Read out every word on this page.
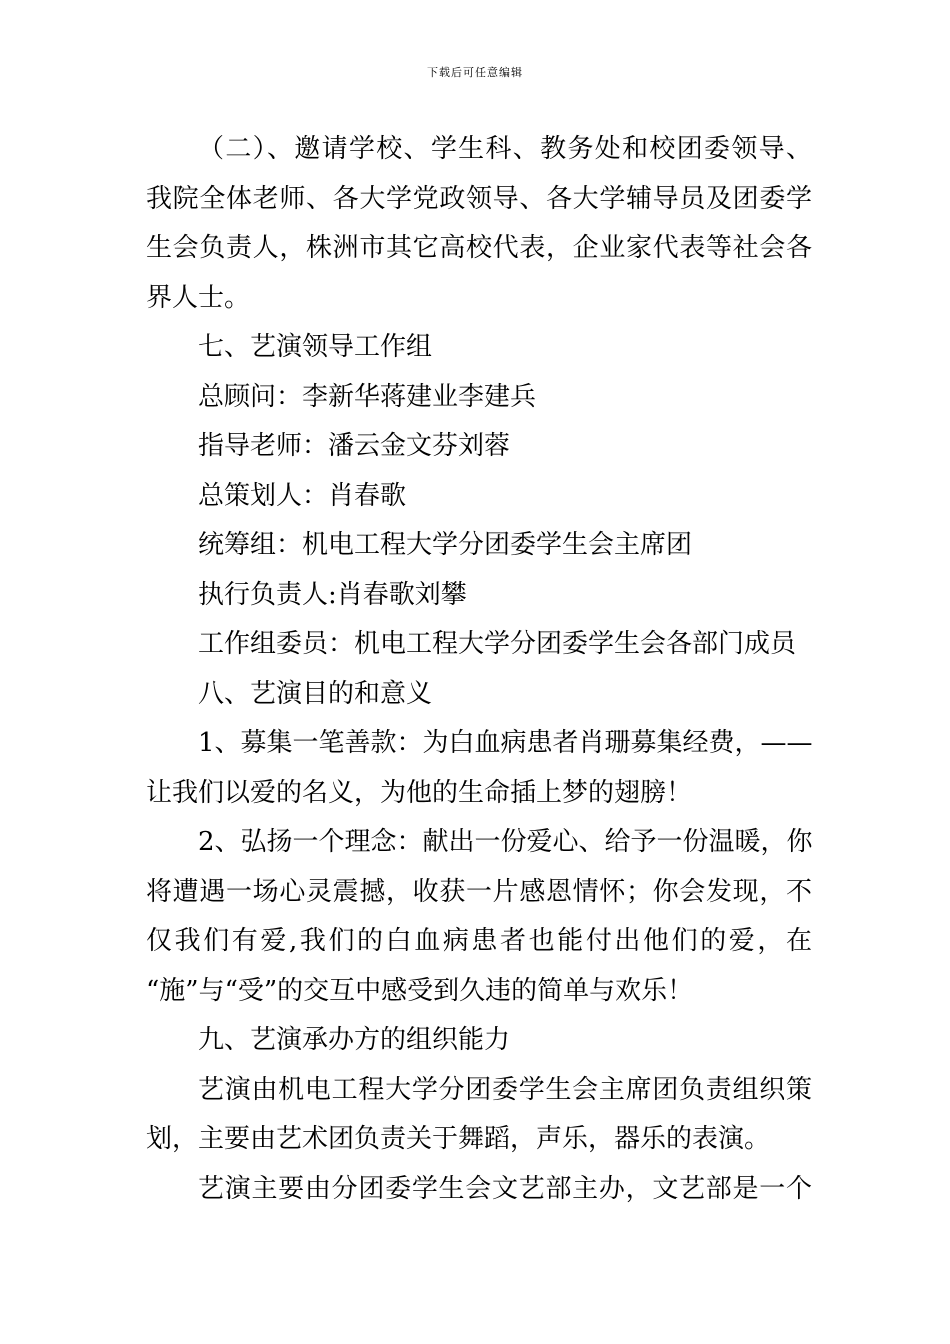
下载后可任意编辑

（二）、邀请学校、学生科、教务处和校团委领导、
我院全体老师、各大学党政领导、各大学辅导员及团委学
生会负责人，株洲市其它高校代表，企业家代表等社会各
界人士。

七、艺演领导工作组

总顾问：李新华蒋建业李建兵

指导老师：潘云金文芬刘蓉

总策划人：肖春歌

统筹组：机电工程大学分团委学生会主席团

执行负责人:肖春歌刘攀

工作组委员：机电工程大学分团委学生会各部门成员

八、艺演目的和意义

1、募集一笔善款：为白血病患者肖珊募集经费，——
让我们以爱的名义，为他的生命插上梦的翅膀！

2、弘扬一个理念：献出一份爱心、给予一份温暖，你
将遭遇一场心灵震撼，收获一片感恩情怀；你会发现，不
仅我们有爱,我们的白血病患者也能付出他们的爱，在
“施”与“受”的交互中感受到久违的简单与欢乐！

九、艺演承办方的组织能力

艺演由机电工程大学分团委学生会主席团负责组织策
划，主要由艺术团负责关于舞蹈，声乐，器乐的表演。

艺演主要由分团委学生会文艺部主办，文艺部是一个
